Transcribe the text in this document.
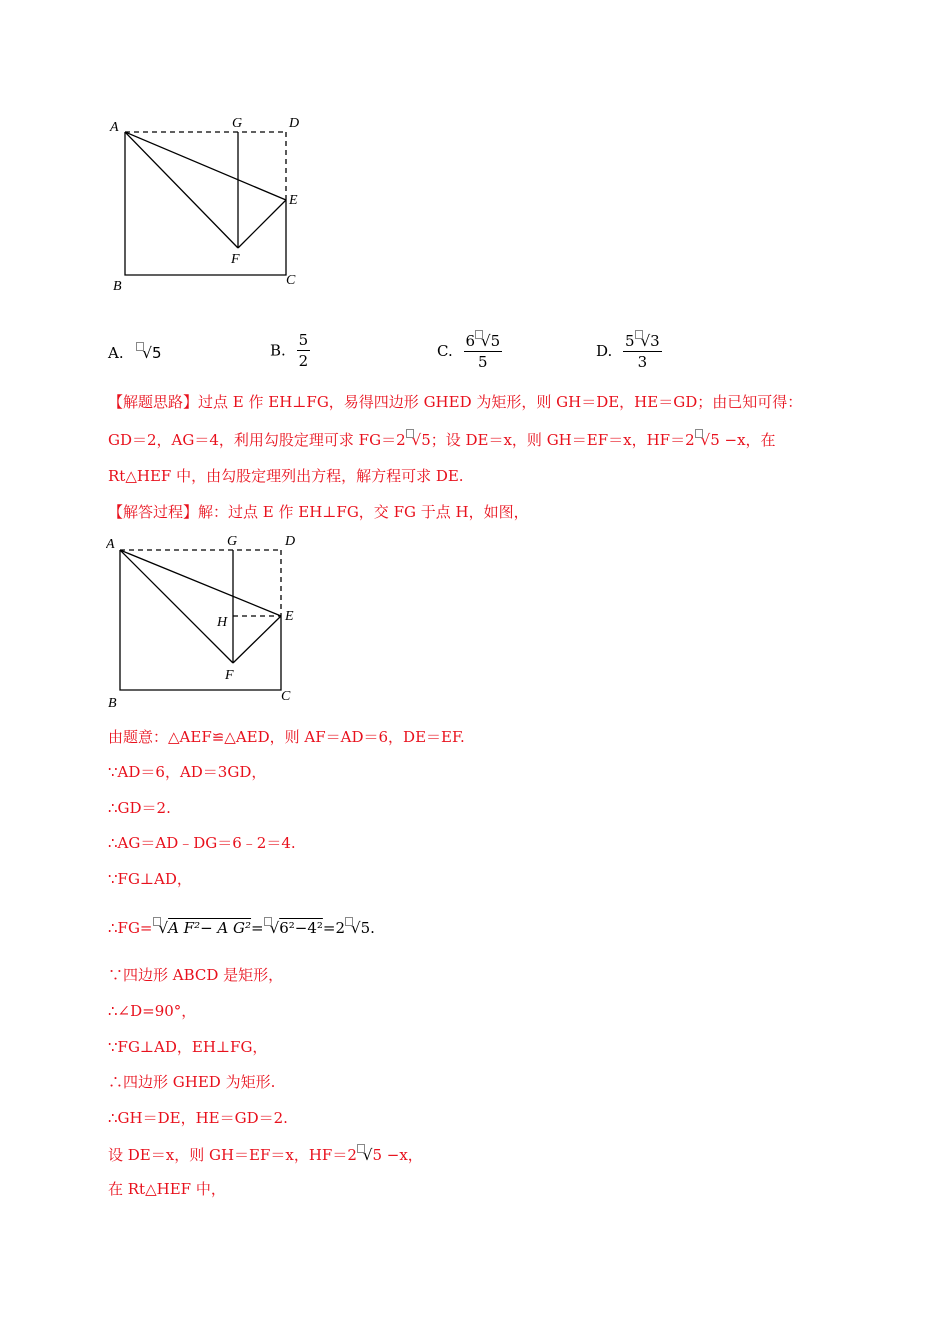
A	G	D
E
F
B	C
A. √5	B. $\frac{5}{2}$	C. $\frac{6 √5}{5}$	D. $\frac{5 √3}{3}$
【解题思路】过点 E 作 EH⊥FG，易得四边形 GHED 为矩形，则 GH＝DE，HE＝GD；由已知可得：
GD＝2，AG＝4，利用勾股定理可求 FG＝2 √5；设 DE＝x，则 GH＝EF＝x，HF＝2 √5 −x，在
Rt△HEF 中，由勾股定理列出方程，解方程可求 DE.
【解答过程】解：过点 E 作 EH⊥FG，交 FG 于点 H，如图，
A	G	D
H	E
F
B	C
由题意：△AEF≌△AED，则 AF＝AD＝6，DE＝EF.
∵AD＝6，AD＝3GD，
∴GD＝2.
∴AG＝AD﹣DG＝6﹣2＝4.
∵FG⊥AD，
∴FG= √A F²− A G²= √6²−4²=2 √5.
∵四边形 ABCD 是矩形，
∴∠D=90°，
∵FG⊥AD，EH⊥FG，
∴四边形 GHED 为矩形.
∴GH＝DE，HE＝GD＝2.
设 DE＝x，则 GH＝EF＝x，HF＝2 √5 −x，
在 Rt△HEF 中，
